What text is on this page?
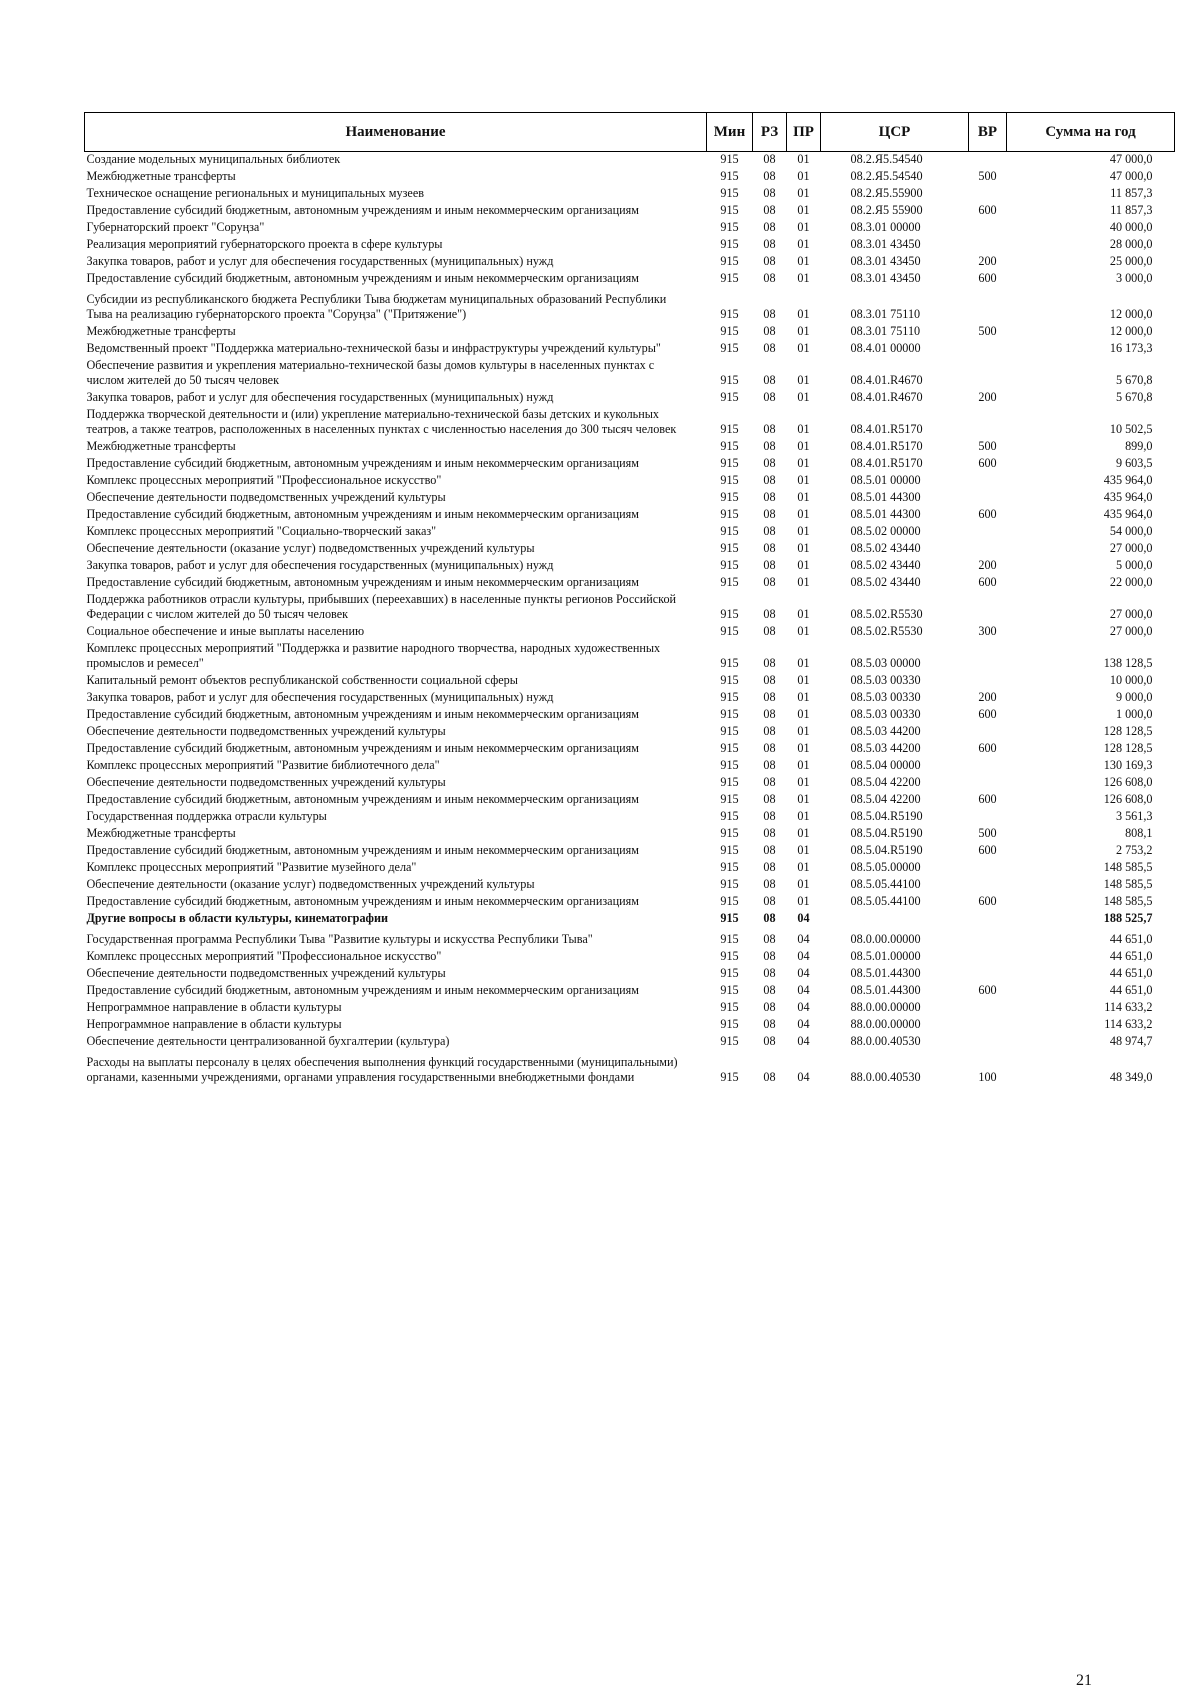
Наименование	Мин	РЗ	ПР	ЦСР	ВР	Сумма на год
Создание модельных муниципальных библиотек	915	08	01	08.2.Я5.54540		47 000,0
Межбюджетные трансферты	915	08	01	08.2.Я5.54540	500	47 000,0
Техническое оснащение региональных и муниципальных музеев	915	08	01	08.2.Я5.55900		11 857,3
Предоставление субсидий бюджетным, автономным учреждениям и иным некоммерческим организациям	915	08	01	08.2.Я5 55900	600	11 857,3
Губернаторский проект "Соруңза"	915	08	01	08.3.01 00000		40 000,0
Реализация мероприятий губернаторского проекта в сфере культуры	915	08	01	08.3.01 43450		28 000,0
Закупка товаров, работ и услуг для обеспечения государственных (муниципальных) нужд	915	08	01	08.3.01 43450	200	25 000,0
Предоставление субсидий бюджетным, автономным учреждениям и иным некоммерческим организациям	915	08	01	08.3.01 43450	600	3 000,0
Субсидии из республиканского бюджета Республики Тыва бюджетам муниципальных образований Республики Тыва на реализацию губернаторского проекта "Соруңза" ("Притяжение")	915	08	01	08.3.01 75110		12 000,0
Межбюджетные трансферты	915	08	01	08.3.01 75110	500	12 000,0
Ведомственный проект "Поддержка материально-технической базы и инфраструктуры учреждений культуры"	915	08	01	08.4.01 00000		16 173,3
Обеспечение развития и укрепления материально-технической базы домов культуры в населенных пунктах с числом жителей до 50 тысяч человек	915	08	01	08.4.01.R4670		5 670,8
Закупка товаров, работ и услуг для обеспечения государственных (муниципальных) нужд	915	08	01	08.4.01.R4670	200	5 670,8
Поддержка творческой деятельности и (или) укрепление материально-технической базы детских и кукольных театров, а также театров, расположенных в населенных пунктах с численностью населения до 300 тысяч человек	915	08	01	08.4.01.R5170		10 502,5
Межбюджетные трансферты	915	08	01	08.4.01.R5170	500	899,0
Предоставление субсидий бюджетным, автономным учреждениям и иным некоммерческим организациям	915	08	01	08.4.01.R5170	600	9 603,5
Комплекс процессных мероприятий "Профессиональное искусство"	915	08	01	08.5.01 00000		435 964,0
Обеспечение деятельности подведомственных учреждений культуры	915	08	01	08.5.01 44300		435 964,0
Предоставление субсидий бюджетным, автономным учреждениям и иным некоммерческим организациям	915	08	01	08.5.01 44300	600	435 964,0
Комплекс процессных мероприятий "Социально-творческий заказ"	915	08	01	08.5.02 00000		54 000,0
Обеспечение деятельности (оказание услуг) подведомственных учреждений культуры	915	08	01	08.5.02 43440		27 000,0
Закупка товаров, работ и услуг для обеспечения государственных (муниципальных) нужд	915	08	01	08.5.02 43440	200	5 000,0
Предоставление субсидий бюджетным, автономным учреждениям и иным некоммерческим организациям	915	08	01	08.5.02 43440	600	22 000,0
Поддержка работников отрасли культуры, прибывших (переехавших) в населенные пункты регионов Российской Федерации с числом жителей до 50 тысяч человек	915	08	01	08.5.02.R5530		27 000,0
Социальное обеспечение и иные выплаты населению	915	08	01	08.5.02.R5530	300	27 000,0
Комплекс процессных мероприятий "Поддержка и развитие народного творчества, народных художественных промыслов и ремесел"	915	08	01	08.5.03 00000		138 128,5
Капитальный ремонт объектов республиканской собственности социальной сферы	915	08	01	08.5.03 00330		10 000,0
Закупка товаров, работ и услуг для обеспечения государственных (муниципальных) нужд	915	08	01	08.5.03 00330	200	9 000,0
Предоставление субсидий бюджетным, автономным учреждениям и иным некоммерческим организациям	915	08	01	08.5.03 00330	600	1 000,0
Обеспечение деятельности подведомственных учреждений культуры	915	08	01	08.5.03 44200		128 128,5
Предоставление субсидий бюджетным, автономным учреждениям и иным некоммерческим организациям	915	08	01	08.5.03 44200	600	128 128,5
Комплекс процессных мероприятий "Развитие библиотечного дела"	915	08	01	08.5.04 00000		130 169,3
Обеспечение деятельности подведомственных учреждений культуры	915	08	01	08.5.04 42200		126 608,0
Предоставление субсидий бюджетным, автономным учреждениям и иным некоммерческим организациям	915	08	01	08.5.04 42200	600	126 608,0
Государственная поддержка отрасли культуры	915	08	01	08.5.04.R5190		3 561,3
Межбюджетные трансферты	915	08	01	08.5.04.R5190	500	808,1
Предоставление субсидий бюджетным, автономным учреждениям и иным некоммерческим организациям	915	08	01	08.5.04.R5190	600	2 753,2
Комплекс процессных мероприятий "Развитие музейного дела"	915	08	01	08.5.05.00000		148 585,5
Обеспечение деятельности (оказание услуг) подведомственных учреждений культуры	915	08	01	08.5.05.44100		148 585,5
Предоставление субсидий бюджетным, автономным учреждениям и иным некоммерческим организациям	915	08	01	08.5.05.44100	600	148 585,5
Другие вопросы в области культуры, кинематографии	915	08	04			188 525,7
Государственная программа Республики Тыва "Развитие культуры и искусства Республики Тыва"	915	08	04	08.0.00.00000		44 651,0
Комплекс процессных мероприятий "Профессиональное искусство"	915	08	04	08.5.01.00000		44 651,0
Обеспечение деятельности подведомственных учреждений культуры	915	08	04	08.5.01.44300		44 651,0
Предоставление субсидий бюджетным, автономным учреждениям и иным некоммерческим организациям	915	08	04	08.5.01.44300	600	44 651,0
Непрограммное направление в области культуры	915	08	04	88.0.00.00000		114 633,2
Непрограммное направление в области культуры	915	08	04	88.0.00.00000		114 633,2
Обеспечение деятельности централизованной бухгалтерии (культура)	915	08	04	88.0.00.40530		48 974,7
Расходы на выплаты персоналу в целях обеспечения выполнения функций государственными (муниципальными) органами, казенными учреждениями, органами управления государственными внебюджетными фондами	915	08	04	88.0.00.40530	100	48 349,0
21
